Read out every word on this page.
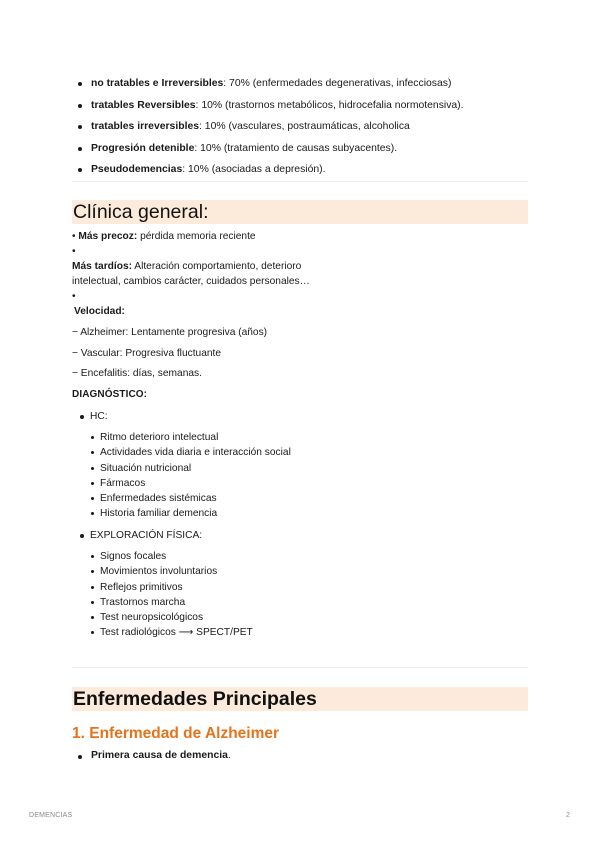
no tratables e Irreversibles: 70% (enfermedades degenerativas, infecciosas)
tratables Reversibles: 10% (trastornos metabólicos, hidrocefalia normotensiva).
tratables irreversibles: 10% (vasculares, postraumáticas, alcoholica
Progresión detenible: 10% (tratamiento de causas subyacentes).
Pseudodemencias: 10% (asociadas a depresión).
Clínica general:
• Más precoz: pérdida memoria reciente
•
Más tardíos: Alteración comportamiento, deterioro
intelectual, cambios carácter, cuidados personales…
•
Velocidad:
− Alzheimer: Lentamente progresiva (años)
− Vascular: Progresiva fluctuante
− Encefalitis: días, semanas.
DIAGNÓSTICO:
HC:
Ritmo deterioro intelectual
Actividades vida diaria e interacción social
Situación nutricional
Fármacos
Enfermedades sistémicas
Historia familiar demencia
EXPLORACIÓN FÍSICA:
Signos focales
Movimientos involuntarios
Reflejos primitivos
Trastornos marcha
Test neuropsicológicos
Test radiológicos ⟶ SPECT/PET
Enfermedades Principales
1. Enfermedad de Alzheimer
Primera causa de demencia.
DEMENCIAS	2
